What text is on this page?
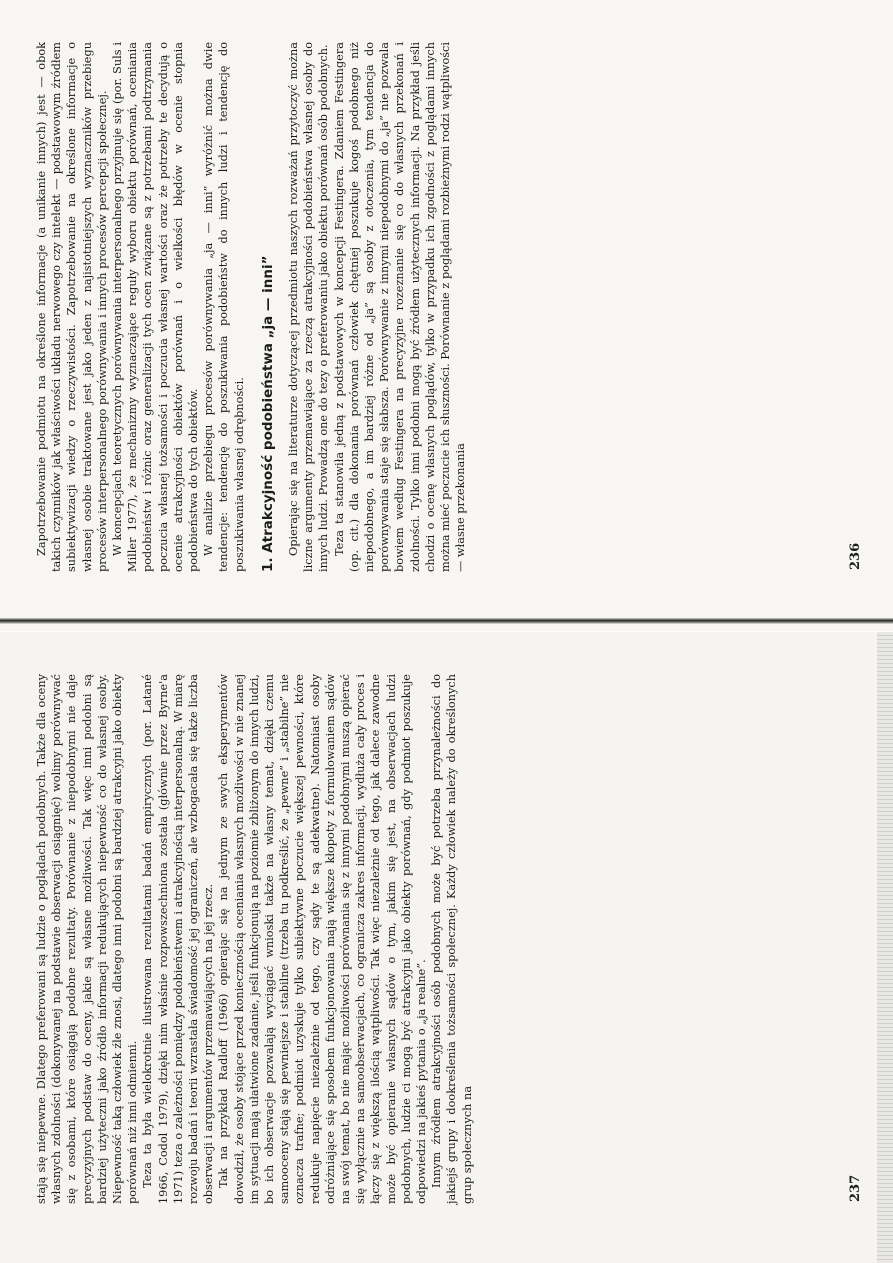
Zapotrzebowanie podmiotu na określone informacje (a unikanie innych) jest — obok takich czynników jak właściwości układu nerwowego czy intelekt — podstawowym źródłem subiektywizacji wiedzy o rzeczywistości. Zapotrzebowanie na określone informacje o własnej osobie traktowane jest jako jeden z najistotniejszych wyznaczników przebiegu procesów interpersonalnego porównywania i innych procesów percepcji społecznej. W koncepcjach teoretycznych porównywania interpersonalnego przyjmuje się (por. Suls i Miller 1977), że mechanizmy wyznaczające reguły wyboru obiektu porównań, oceniania podobieństw i różnic oraz generalizacji tych ocen związane są z potrzebami podtrzymania poczucia własnej tożsamości i poczucia własnej wartości oraz że potrzeby te decydują o ocenie atrakcyjności obiektów porównań i o wielkości błędów w ocenie stopnia podobieństwa do tych obiektów. W analizie przebiegu procesów porównywania „ja — inni” wyróżnić można dwie tendencje: tendencję do poszukiwania podobieństw do innych ludzi i tendencję do poszukiwania własnej odrębności. 1. Atrakcyjność podobieństwa „ja — inni” Opierając się na literaturze dotyczącej przedmiotu naszych rozważań przytoczyć można liczne argumenty przemawiające za rzeczą atrakcyjności podobieństwa własnej osoby do innych ludzi. Prowadzą one do tezy o preferowaniu jako obiektu porównań osób podobnych. Teza ta stanowiła jedną z podstawowych w koncepcji Festingera. Zdaniem Festingera (op. cit.) dla dokonania porównań człowiek chętniej poszukuje kogoś podobnego niż niepodobnego, a im bardziej różne od „ja” są osoby z otoczenia, tym tendencja do porównywania staje się słabsza. Porównywanie z innymi niepodobnymi do „ja” nie pozwala bowiem według Festingera na precyzyjne rozeznanie się co do własnych przekonań i zdolności. Tylko inni podobni mogą być źródłem użytecznych informacji. Na przykład jeśli chodzi o ocenę własnych poglądów, tylko w przypadku ich zgodności z poglądami innych można mieć poczucie ich słuszności. Porównanie z poglądami rozbieżnymi rodzi wątpliwości — własne przekonania	236

stają się niepewne. Dlatego preferowani są ludzie o poglądach podobnych. Także dla oceny własnych zdolności (dokonywanej na podstawie obserwacji osiągnięć) wolimy porównywać się z osobami, które osiągają podobne rezultaty. Porównanie z niepodobnymi nie daje precyzyjnych podstaw do oceny, jakie są własne możliwości. Tak więc inni podobni są bardziej użyteczni jako źródło informacji redukujących niepewność co do własnej osoby. Niepewność taką człowiek źle znosi, dlatego inni podobni są bardziej atrakcyjni jako obiekty porównań niż inni odmienni. Teza ta była wielokrotnie ilustrowana rezultatami badań empirycznych (por. Latané 1966, Codol 1979), dzięki nim właśnie rozpowszechniona została (głównie przez Byrne'a 1971) teza o zależności pomiędzy podobieństwem i atrakcyjnością interpersonalną. W miarę rozwoju badań i teorii wzrastała świadomość jej ograniczeń, ale wzbogacała się także liczba obserwacji i argumentów przemawiających na jej rzecz. Tak na przykład Radloff (1966) opierając się na jednym ze swych eksperymentów dowodził, że osoby stojące przed koniecznością oceniania własnych możliwości w nie znanej im sytuacji mają ułatwione zadanie, jeśli funkcjonują na poziomie zbliżonym do innych ludzi, bo ich obserwacje pozwalają wyciągać wnioski także na własny temat, dzięki czemu samooceny stają się pewniejsze i stabilne (trzeba tu podkreślić, że „pewne” i „stabilne” nie oznacza trafne; podmiot uzyskuje tylko subiektywne poczucie większej pewności, które redukuje napięcie niezależnie od tego, czy sądy te są adekwatne). Natomiast osoby odróżniające się sposobem funkcjonowania mają większe kłopoty z formułowaniem sądów na swój temat, bo nie mając możliwości porównania się z innymi podobnymi muszą opierać się wyłącznie na samoobserwacjach, co ogranicza zakres informacji, wydłuża cały proces i łączy się z większą ilością wątpliwości. Tak więc niezależnie od tego, jak dalece zawodne może być opieranie własnych sądów o tym, jakim się jest, na obserwacjach ludzi podobnych, ludzie ci mogą być atrakcyjni jako obiekty porównań, gdy podmiot poszukuje odpowiedzi na jakieś pytania o „ja realne”. Innym źródłem atrakcyjności osób podobnych może być potrzeba przynależności do jakiejś grupy i dookreślenia tożsamości społecznej. Każdy człowiek należy do określonych grup społecznych na	237
